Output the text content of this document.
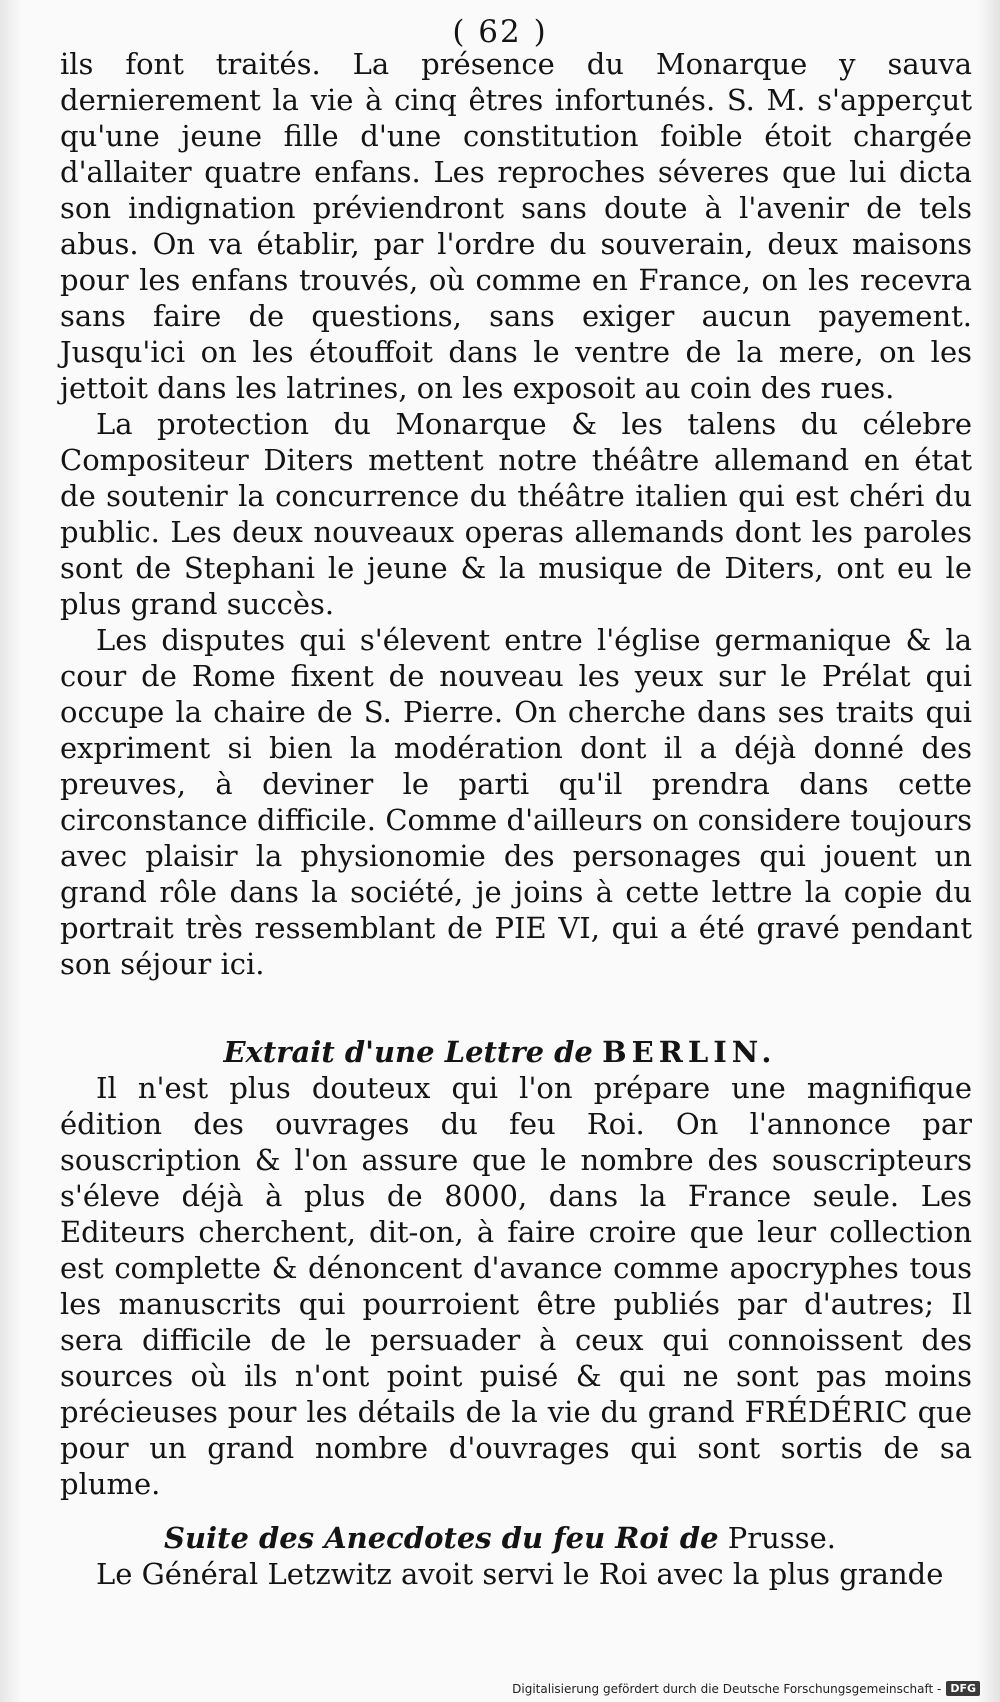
( 62 )

ils font traités. La présence du Monarque y sauva dernierement la vie à cinq êtres infortunés. S. M. s'apperçut qu'une jeune fille d'une constitution foible étoit chargée d'allaiter quatre enfans. Les reproches séveres que lui dicta son indignation préviendront sans doute à l'avenir de tels abus. On va établir, par l'ordre du souverain, deux maisons pour les enfans trouvés, où comme en France, on les recevra sans faire de questions, sans exiger aucun payement. Jusqu'ici on les étouffoit dans le ventre de la mere, on les jettoit dans les latrines, on les exposoit au coin des rues.

La protection du Monarque & les talens du célebre Compositeur Diters mettent notre théâtre allemand en état de soutenir la concurrence du théâtre italien qui est chéri du public. Les deux nouveaux operas allemands dont les paroles sont de Stephani le jeune & la musique de Diters, ont eu le plus grand succès.

Les disputes qui s'élevent entre l'église germanique & la cour de Rome fixent de nouveau les yeux sur le Prélat qui occupe la chaire de S. Pierre. On cherche dans ses traits qui expriment si bien la modération dont il a déjà donné des preuves, à deviner le parti qu'il prendra dans cette circonstance difficile. Comme d'ailleurs on considere toujours avec plaisir la physionomie des personages qui jouent un grand rôle dans la société, je joins à cette lettre la copie du portrait très ressemblant de PIE VI, qui a été gravé pendant son séjour ici.

Extrait d'une Lettre de BERLIN.

Il n'est plus douteux qui l'on prépare une magnifique édition des ouvrages du feu Roi. On l'annonce par souscription & l'on assure que le nombre des souscripteurs s'éleve déjà à plus de 8000, dans la France seule. Les Editeurs cherchent, dit-on, à faire croire que leur collection est complette & dénoncent d'avance comme apocryphes tous les manuscrits qui pourroient être publiés par d'autres; Il sera difficile de le persuader à ceux qui connoissent des sources où ils n'ont point puisé & qui ne sont pas moins précieuses pour les détails de la vie du grand FRÉDÉRIC que pour un grand nombre d'ouvrages qui sont sortis de sa plume.

Suite des Anecdotes du feu Roi de Prusse.

Le Général Letzwitz avoit servi le Roi avec la plus grande

Digitalisierung gefördert durch die Deutsche Forschungsgemeinschaft - DFG
